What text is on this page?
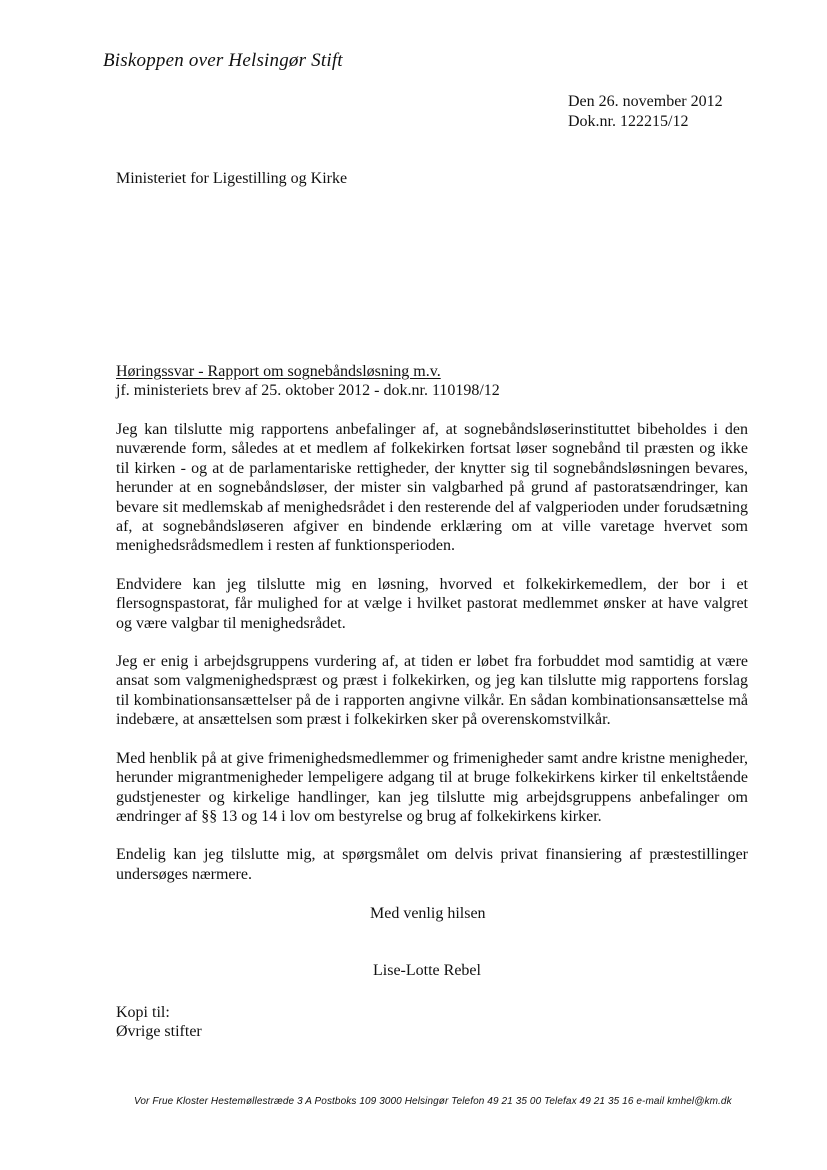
Biskoppen over Helsingør Stift
Den 26. november 2012
Dok.nr. 122215/12
Ministeriet for Ligestilling og Kirke
Høringssvar - Rapport om sognebåndsløsning m.v.
jf. ministeriets brev af 25. oktober 2012 - dok.nr. 110198/12

Jeg kan tilslutte mig rapportens anbefalinger af, at sognebåndsløserinstituttet bibeholdes i den nuværende form, således at et medlem af folkekirken fortsat løser sognebånd til præsten og ikke til kirken - og at de parlamentariske rettigheder, der knytter sig til sognebåndsløsningen bevares, herunder at en sognebåndsløser, der mister sin valgbarhed på grund af pastoratsændringer, kan bevare sit medlemskab af menighedsrådet i den resterende del af valgperioden under forudsætning af, at sognebåndsløseren afgiver en bindende erklæring om at ville varetage hvervet som menighedsrådsmedlem i resten af funktionsperioden.

Endvidere kan jeg tilslutte mig en løsning, hvorved et folkekirkemedlem, der bor i et flersognspastorat, får mulighed for at vælge i hvilket pastorat medlemmet ønsker at have valgret og være valgbar til menighedsrådet.

Jeg er enig i arbejdsgruppens vurdering af, at tiden er løbet fra forbuddet mod samtidig at være ansat som valgmenighedspræst og præst i folkekirken, og jeg kan tilslutte mig rapportens forslag til kombinationsansættelser på de i rapporten angivne vilkår. En sådan kombinationsansættelse må indebære, at ansættelsen som præst i folkekirken sker på overenskomstvilkår.

Med henblik på at give frimenighedsmedlemmer og frimenigheder samt andre kristne menigheder, herunder migrantmenigheder lempeligere adgang til at bruge folkekirkens kirker til enkeltstående gudstjenester og kirkelige handlinger, kan jeg tilslutte mig arbejdsgruppens anbefalinger om ændringer af §§ 13 og 14 i lov om bestyrelse og brug af folkekirkens kirker.

Endelig kan jeg tilslutte mig, at spørgsmålet om delvis privat finansiering af præstestillinger undersøges nærmere.

Med venlig hilsen
Lise-Lotte Rebel
Kopi til:
Øvrige stifter
Vor Frue Kloster Hestemøllestræde 3 A Postboks 109 3000 Helsingør Telefon 49 21 35 00 Telefax 49 21 35 16 e-mail kmhel@km.dk
